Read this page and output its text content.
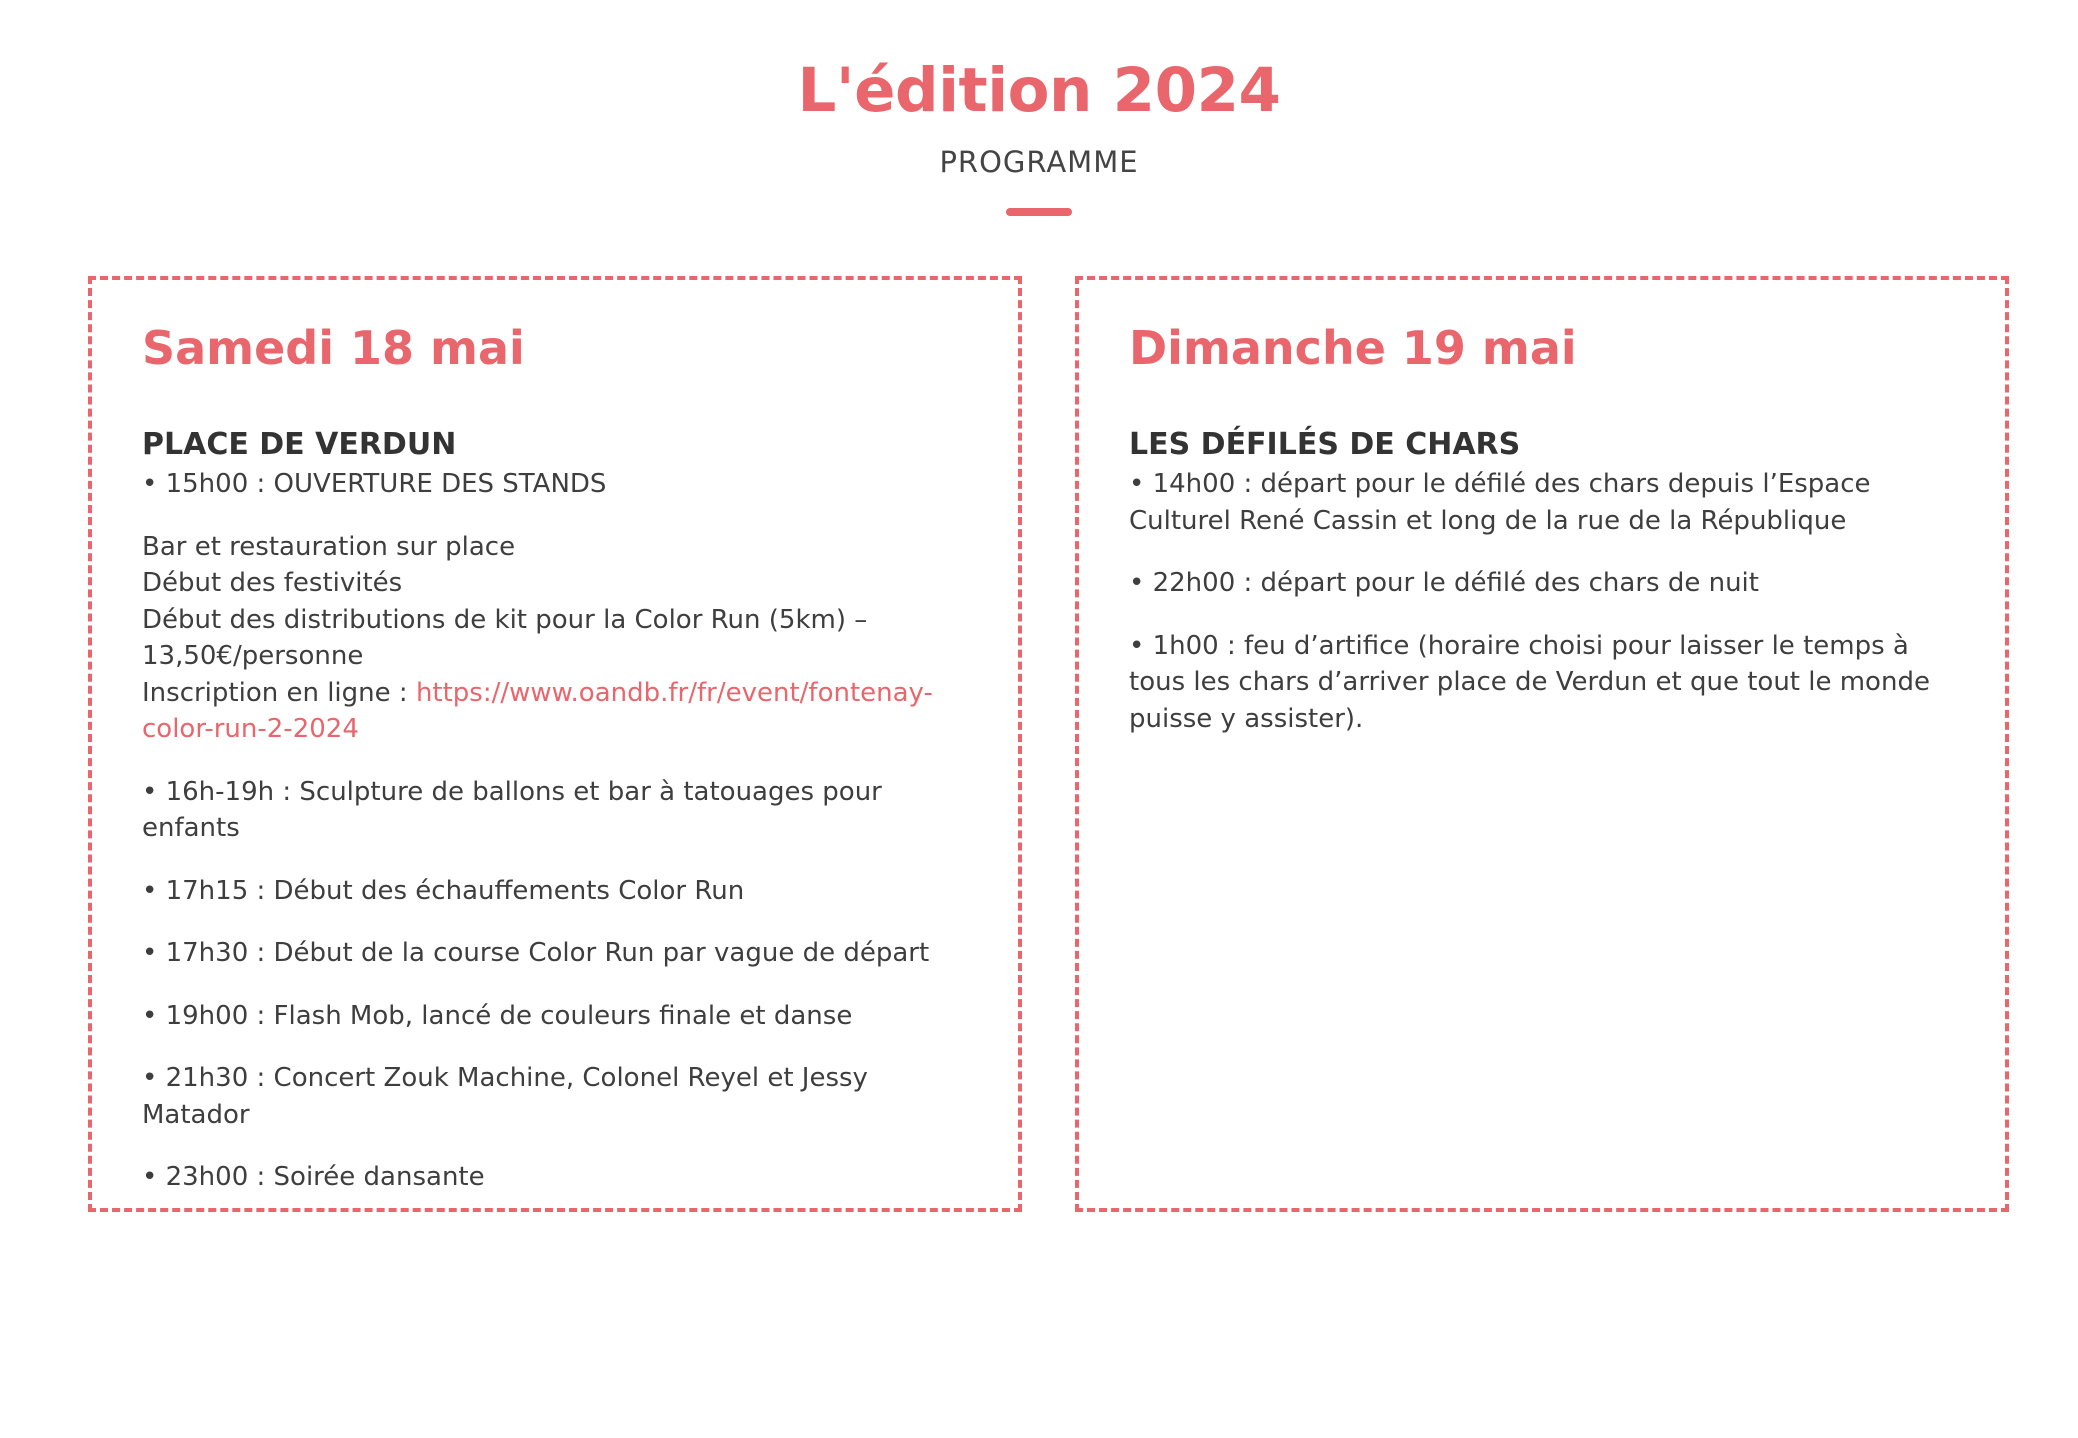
L'édition 2024
PROGRAMME
Samedi 18 mai
PLACE DE VERDUN
• 15h00 : OUVERTURE DES STANDS
Bar et restauration sur place
Début des festivités
Début des distributions de kit pour la Color Run (5km) – 13,50€/personne
Inscription en ligne : https://www.oandb.fr/fr/event/fontenay-color-run-2-2024
• 16h-19h : Sculpture de ballons et bar à tatouages pour enfants
• 17h15 : Début des échauffements Color Run
• 17h30 : Début de la course Color Run par vague de départ
• 19h00 : Flash Mob, lancé de couleurs finale et danse
• 21h30 : Concert Zouk Machine, Colonel Reyel et Jessy Matador
• 23h00 : Soirée dansante
Dimanche 19 mai
LES DÉFILÉS DE CHARS
• 14h00 : départ pour le défilé des chars depuis l’Espace Culturel René Cassin et long de la rue de la République
• 22h00 : départ pour le défilé des chars de nuit
• 1h00 : feu d’artifice (horaire choisi pour laisser le temps à tous les chars d’arriver place de Verdun et que tout le monde puisse y assister).
